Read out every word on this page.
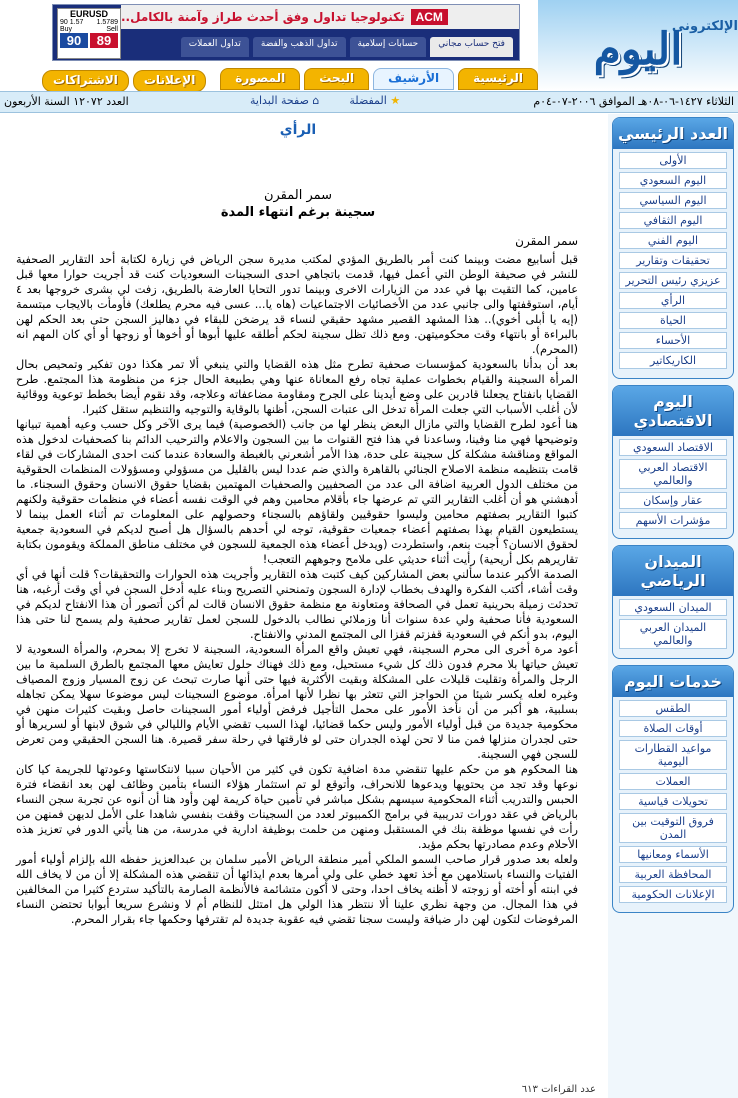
الإلكتروني
اليوم
EURUSD
1.5789
1.57 90
Sell
Buy
89
90
ACM
تكنولوجيا تداول وفق أحدث طراز وآمنة بالكامل..
فتح حساب مجاني
حسابات إسلامية
تداول الذهب والفضة
تداول العملات
الرئيسية
الأرشيف
البحث
المصورة
الإعلانات
الاشتراكات
الثلاثاء ١٤٢٧-٠٦-٠٨هـ الموافق ٢٠٠٦-٠٧-٠٤م
★ المفضلة
⌂ صفحة البداية
العدد ١٢٠٧٢ السنة الأربعون
العدد الرئيسي
الأولى
اليوم السعودي
اليوم السياسي
اليوم الثقافي
اليوم الفني
تحقيقات وتقارير
عزيزي رئيس التحرير
الرأي
الحياة
الأحساء
الكاريكاتير
اليوم الاقتصادي
الاقتصاد السعودي
الاقتصاد العربي والعالمي
عقار وإسكان
مؤشرات الأسهم
الميدان الرياضي
الميدان السعودي
الميدان العربي والعالمي
خدمات اليوم
الطقس
أوقات الصلاة
مواعيد القطارات اليومية
العملات
تحويلات قياسية
فروق التوقيت بين المدن
الأسماء ومعانيها
المحافظة العربية
الإعلانات الحكومية
الرأي
سمر المقرن
سجينة برغم انتهاء المدة
سمر المقرن

قبل أسابيع مضت وبينما كنت أمر بالطريق المؤدي لمكتب مديرة سجن الرياض في زيارة لكتابة أحد التقارير الصحفية للنشر في صحيفة الوطن التي أعمل فيها، قدمت باتجاهي احدى السجينات السعوديات كنت قد أجريت حوارا معها قبل عامين، كما التقيت بها في عدد من الزيارات الاخرى وبينما تدور التحايا العارضة بالطريق، زفت لي بشرى خروجها بعد ٤ أيام، استوقفتها والى جانبي عدد من الأخصائيات الاجتماعيات (هاه يا... عسى فيه محرم يطلعك) فأومأت بالايجاب مبتسمة (إيه يا أبلى أخوي).. هذا المشهد القصير مشهد حقيقي لنساء قد يرضخن للبقاء في دهاليز السجن حتى بعد الحكم لهن بالبراءة أو بانتهاء وقت محكوميتهن. ومع ذلك تظل سجينة لحكم أطلقه عليها أبوها أو أخوها أو زوجها أو أي كان المهم انه (المحرم).

بعد أن بدأنا بالسعودية كمؤسسات صحفية تطرح مثل هذه القضايا والتي ينبغي ألا تمر هكذا دون تفكير وتمحيص بحال المرأة السجينة والقيام بخطوات عملية تجاه رفع المعاناة عنها وهي بطبيعة الحال جزء من منظومة هذا المجتمع. طرح القضايا بانفتاح يجعلنا قادرين على وضع أيدينا على الجرح ومقاومة مضاعفاته وعلاجه، وقد نقوم أيضا بخطط توعوية ووقائية لأن أغلب الأسباب التي جعلت المرأة تدخل الى عتبات السجن، أظنها بالوقاية والتوجيه والتنظيم ستقل كثيرا.

هنا أعود لطرح القضايا والتي مازال البعض ينظر لها من جانب (الخصوصية) فيما يرى الآخر وكل حسب وعيه أهمية تبيانها وتوضيحها فهي منا وفينا، وساعدنا في هذا فتح القنوات ما بين السجون والاعلام والترحيب الدائم بنا كصحفيات لدخول هذه المواقع ومناقشة مشكلة كل سجينة على حدة، هذا الأمر أشعرني بالغبطة والسعادة عندما كنت احدى المشاركات في لقاء قامت بتنظيمه منظمة الاصلاح الجنائي بالقاهرة والذي ضم عددا ليس بالقليل من مسؤولي ومسؤولات المنظمات الحقوقية من مختلف الدول العربية اضافة الى عدد من الصحفيين والصحفيات المهتمين بقضايا حقوق الانسان وحقوق السجناء. ما أدهشني هو أن أغلب التقارير التي تم عرضها جاء بأقلام محامين وهم في الوقت نفسه أعضاء في منظمات حقوقية ولكنهم كتبوا التقارير بصفتهم محامين وليسوا حقوقيين ولقاؤهم بالسجناء وحصولهم على المعلومات تم أثناء العمل بينما لا يستطيعون القيام بهذا بصفتهم أعضاء جمعيات حقوقية، توجه لي أحدهم بالسؤال هل أصبح لديكم في السعودية جمعية لحقوق الانسان؟ أجبت بنعم، واستطردت (ويدخل أعضاء هذه الجمعية للسجون في مختلف مناطق المملكة ويقومون بكتابة تقاريرهم بكل أريحية) رأيت أثناء حديثي على ملامح وجوههم التعجب!

الصدمة الأكبر عندما سألني بعض المشاركين كيف كتبت هذه التقارير وأجريت هذه الحوارات والتحقيقات؟ قلت أنها في أي وقت أشاء، أكتب الفكرة والهدف بخطاب لإدارة السجون وتمنحني التصريح وبناء عليه أدخل السجن في أي وقت أرغبه، هنا تحدثت زميلة بحرينية تعمل في الصحافة ومتعاونة مع منظمة حقوق الانسان قالت لم أكن أتصور أن هذا الانفتاح لديكم في السعودية فأنا صحفية ولي عدة سنوات أنا وزملائي نطالب بالدخول للسجن لعمل تقارير صحفية ولم يسمح لنا حتى هذا اليوم، بدو أنكم في السعودية قفزتم قفزا الى المجتمع المدني والانفتاح.

أعود مرة أخرى الى محرم السجينة، فهي تعيش واقع المرأة السعودية، السجينة لا تخرج إلا بمحرم، والمرأة السعودية لا تعيش حياتها بلا محرم فدون ذلك كل شيء مستحيل، ومع ذلك فهناك حلول تعايش معها المجتمع بالطرق السلمية ما بين الرجل والمرأة وتقليت قليلات على المشكلة وبقيت الأكثرية فيها حتى أنها صارت تبحث عن زوج المسيار وزوج المصياف وغيره لعله يكسر شيئا من الحواجز التي تتعثر بها نظرا لأنها امرأة. موضوع السجينات ليس موضوعا سهلا يمكن تجاهله بسلبية، هو أكبر من أن نأخذ الأمور على محمل التأجيل فرفض أولياء أمور السجينات حاصل وبقيت كثيرات منهن في محكومية جديدة من قبل أولياء الأمور وليس حكما قضائيا، لهذا السبب تقضي الأيام والليالي في شوق لابنها أو لسريرها أو حتى لجدران منزلها فمن منا لا تحن لهذه الجدران حتى لو فارقتها في رحلة سفر قصيرة. هنا السجن الحقيقي ومن تعرض للسجن فهي السجينة.

هنا المحكوم هو من حكم عليها تنقضي مدة اضافية تكون في كثير من الأحيان سببا لانتكاستها وعودتها للجريمة كيا كان نوعها وقد تجد من يحتويها ويدعوها للانحراف، وأتوقع لو تم استثمار هؤلاء النساء بتأمين وظائف لهن بعد انقضاء فترة الحبس والتدريب أثناء المحكومية سيسهم بشكل مباشر في تأمين حياة كريمة لهن وأود هنا أن أنوه عن تجربة سجن النساء بالرياض في عقد دورات تدريبية في برامج الكمبيوتر لعدد من السجينات وقفت بنفسي شاهدا على الأمل لديهن فمنهن من رأت في نفسها موظفة بنك في المستقبل ومنهن من حلمت بوظيفة ادارية في مدرسة، من هنا يأتي الدور في تعزيز هذه الأحلام وعدم مصادرتها بحكم مؤبد.

ولعله بعد صدور قرار صاحب السمو الملكي أمير منطقة الرياض الأمير سلمان بن عبدالعزيز حفظه الله بإلزام أولياء أمور الفتيات والنساء باستلامهن مع أخذ تعهد خطي على ولي أمرها بعدم ايذائها أن تنقضي هذه المشكلة إلا أن من لا يخاف الله في ابنته أو أخته أو زوجته لا أظنه يخاف احدا، وحتى لا أكون متشائمة فالأنظمة الصارمة بالتأكيد ستردع كثيرا من المخالفين في هذا المجال. من وجهة نظري علينا ألا ننتظر هذا الولي هل امتثل للنظام أم لا ونشرع سريعا أبوابا تحتضن النساء المرفوضات لتكون لهن دار ضيافة وليست سجنا تقضي فيه عقوبة جديدة لم تقترفها وحكمها جاء بقرار المحرم.

عدد القراءات ٦١٣
